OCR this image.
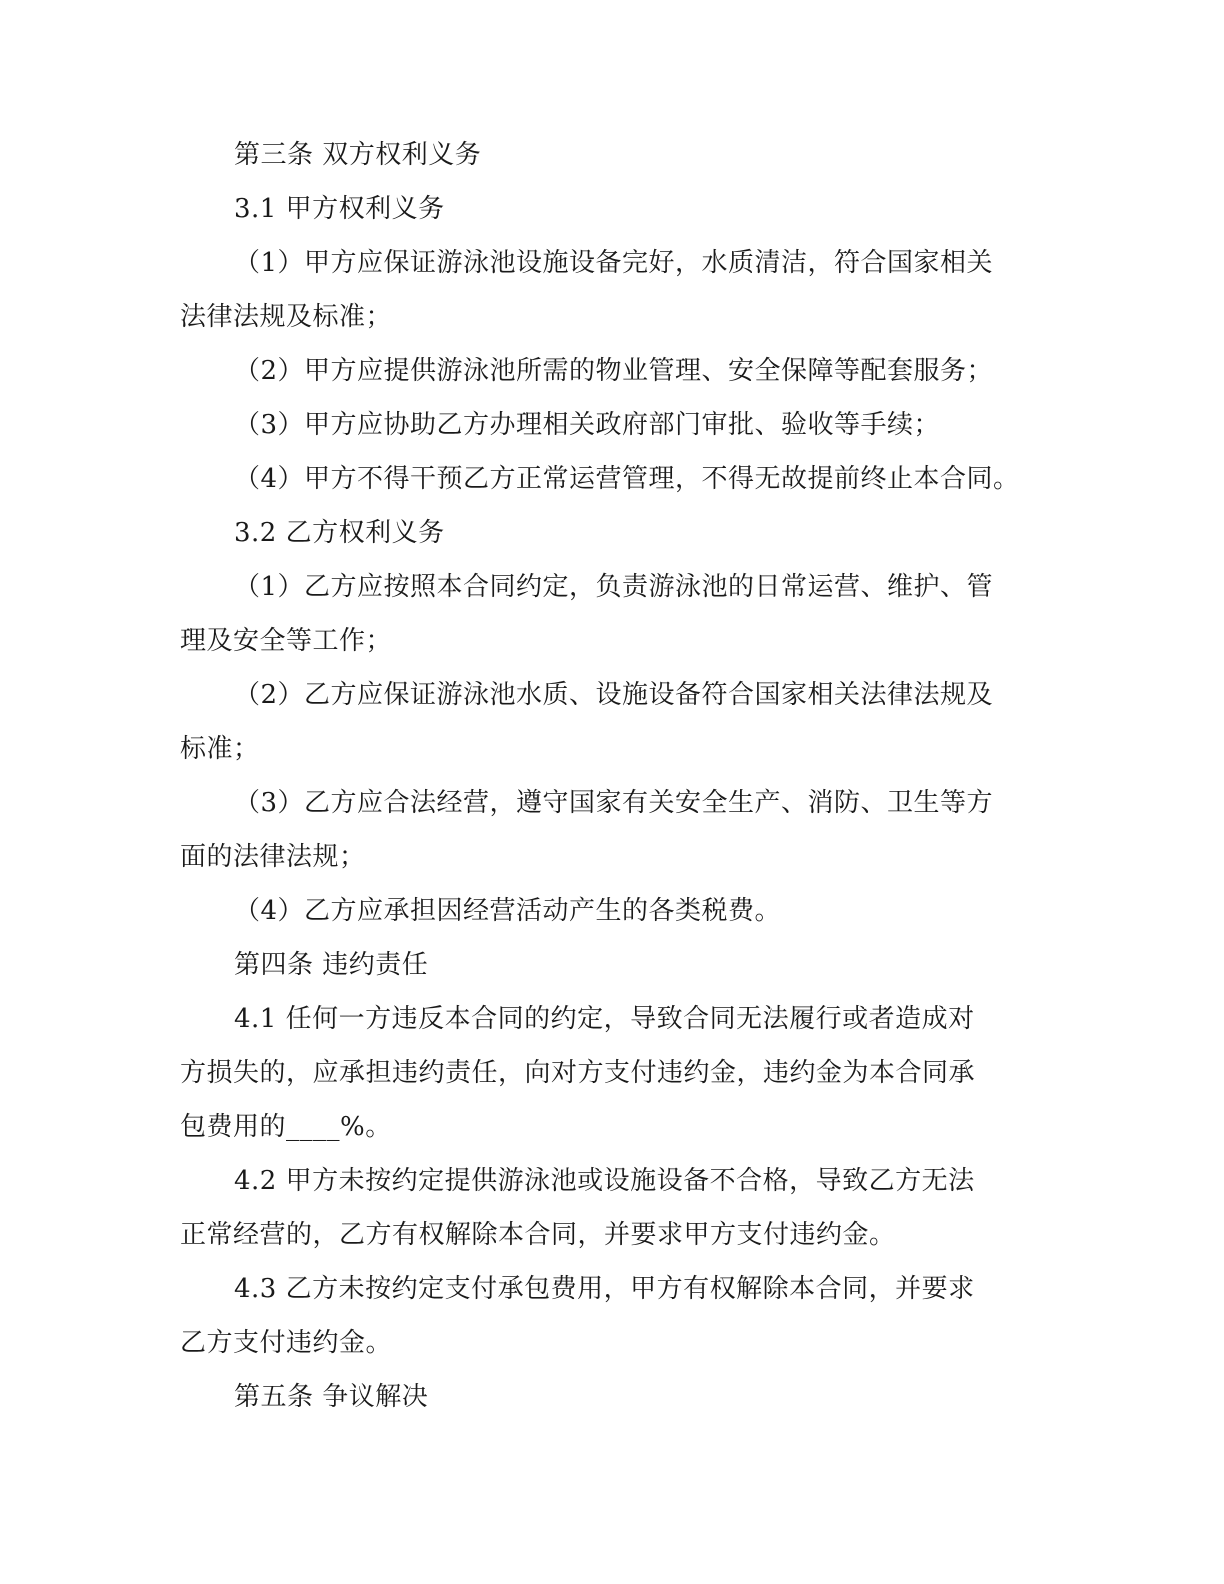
第三条 双方权利义务
3.1 甲方权利义务
（1）甲方应保证游泳池设施设备完好，水质清洁，符合国家相关
法律法规及标准；
（2）甲方应提供游泳池所需的物业管理、安全保障等配套服务；
（3）甲方应协助乙方办理相关政府部门审批、验收等手续；
（4）甲方不得干预乙方正常运营管理，不得无故提前终止本合同。
3.2 乙方权利义务
（1）乙方应按照本合同约定，负责游泳池的日常运营、维护、管
理及安全等工作；
（2）乙方应保证游泳池水质、设施设备符合国家相关法律法规及
标准；
（3）乙方应合法经营，遵守国家有关安全生产、消防、卫生等方
面的法律法规；
（4）乙方应承担因经营活动产生的各类税费。
第四条 违约责任
4.1 任何一方违反本合同的约定，导致合同无法履行或者造成对
方损失的，应承担违约责任，向对方支付违约金，违约金为本合同承
包费用的____%。
4.2 甲方未按约定提供游泳池或设施设备不合格，导致乙方无法
正常经营的，乙方有权解除本合同，并要求甲方支付违约金。
4.3 乙方未按约定支付承包费用，甲方有权解除本合同，并要求
乙方支付违约金。
第五条 争议解决
